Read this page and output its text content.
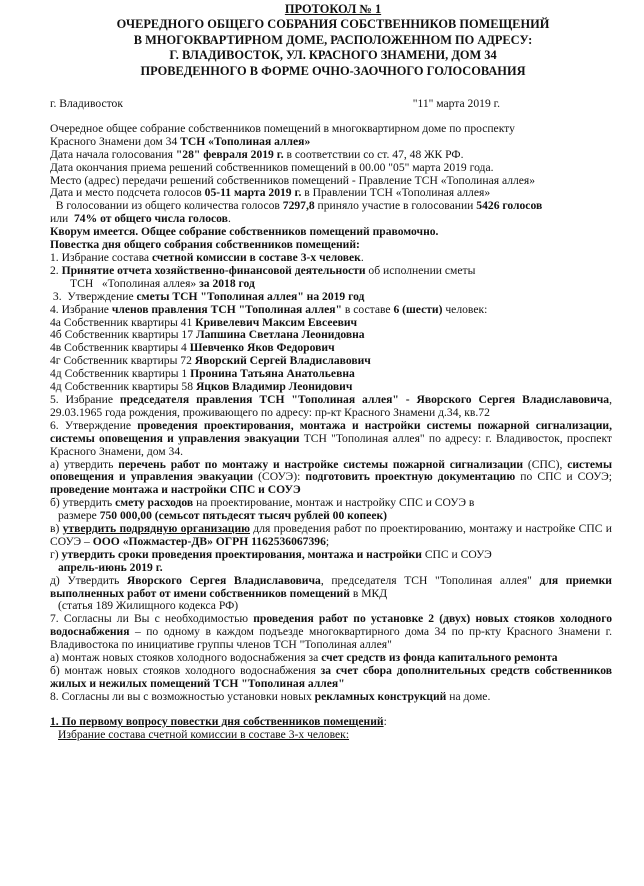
ПРОТОКОЛ № 1
ОЧЕРЕДНОГО ОБЩЕГО СОБРАНИЯ СОБСТВЕННИКОВ ПОМЕЩЕНИЙ
В МНОГОКВАРТИРНОМ ДОМЕ, РАСПОЛОЖЕННОМ ПО АДРЕСУ:
Г. ВЛАДИВОСТОК, УЛ. КРАСНОГО ЗНАМЕНИ, ДОМ 34
ПРОВЕДЕННОГО В ФОРМЕ ОЧНО-ЗАОЧНОГО ГОЛОСОВАНИЯ
г. Владивосток	"11" марта 2019 г.

Очередное общее собрание собственников помещений в многоквартирном доме по проспекту

Красного Знамени дом 34 ТСН «Тополиная аллея»

Дата начала голосования "28" февраля 2019 г. в соответствии со ст. 47, 48 ЖК РФ.

Дата окончания приема решений собственников помещений в 00.00 "05" марта 2019 года.

Место (адрес) передачи решений собственников помещений - Правление ТСН «Тополиная аллея»

Дата и место подсчета голосов 05-11 марта 2019 г. в Правлении ТСН «Тополиная аллея»

В голосовании из общего количества голосов 7297,8 приняло участие в голосовании 5426 голосов

или  74% от общего числа голосов.

Кворум имеется. Общее собрание собственников помещений правомочно.

Повестка дня общего собрания собственников помещений:

1. Избрание состава счетной комиссии в составе 3-х человек.

2. Принятие отчета хозяйственно-финансовой деятельности об исполнении сметы

ТСН   «Тополиная аллея» за 2018 год

3.  Утверждение сметы ТСН "Тополиная аллея" на 2019 год

4. Избрание членов правления ТСН "Тополиная аллея" в составе 6 (шести) человек:

4а Собственник квартиры 41 Кривелевич Максим Евсеевич

4б Собственник квартиры 17 Лапшина Светлана Леонидовна

4в Собственник квартиры 4 Шевченко Яков Федорович

4г Собственник квартиры 72 Яворский Сергей Владиславович

4д Собственник квартиры 1 Пронина Татьяна Анатольевна

4д Собственник квартиры 58 Яцков Владимир Леонидович

5. Избрание председателя правления ТСН "Тополиная аллея" - Яворского Сергея Владиславовича, 29.03.1965 года рождения, проживающего по адресу: пр-кт Красного Знамени д.34, кв.72

6. Утверждение проведения проектирования, монтажа и настройки системы пожарной сигнализации, системы оповещения и управления эвакуации ТСН "Тополиная аллея" по адресу: г. Владивосток, проспект Красного Знамени, дом 34.

а) утвердить перечень работ по монтажу и настройке системы пожарной сигнализации (СПС), системы оповещения и управления эвакуации (СОУЭ): подготовить проектную документацию по СПС и СОУЭ; проведение монтажа и настройки СПС и СОУЭ

б) утвердить смету расходов на проектирование, монтаж и настройку СПС и СОУЭ в

размере 750 000,00 (семьсот пятьдесят тысяч рублей 00 копеек)

в) утвердить подрядную организацию для проведения работ по проектированию, монтажу и настройке СПС и СОУЭ – ООО «Пожмастер-ДВ» ОГРН 1162536067396;

г) утвердить сроки проведения проектирования, монтажа и настройки СПС и СОУЭ

апрель-июнь 2019 г.

д) Утвердить Яворского Сергея Владиславовича, председателя ТСН "Тополиная аллея" для приемки выполненных работ от имени собственников помещений в МКД

(статья 189 Жилищного кодекса РФ)

7. Согласны ли Вы с необходимостью проведения работ по установке 2 (двух) новых стояков холодного водоснабжения – по одному в каждом подъезде многоквартирного дома 34 по пр-кту Красного Знамени г. Владивостока по инициативе группы членов ТСН "Тополиная аллея"

а) монтаж новых стояков холодного водоснабжения за счет средств из фонда капитального ремонта

б) монтаж новых стояков холодного водоснабжения за счет сбора дополнительных средств собственников жилых и нежилых помещений ТСН "Тополиная аллея"

8. Согласны ли вы с возможностью установки новых рекламных конструкций на доме.

1. По первому вопросу повестки дня собственников помещений:

Избрание состава счетной комиссии в составе 3-х человек:
